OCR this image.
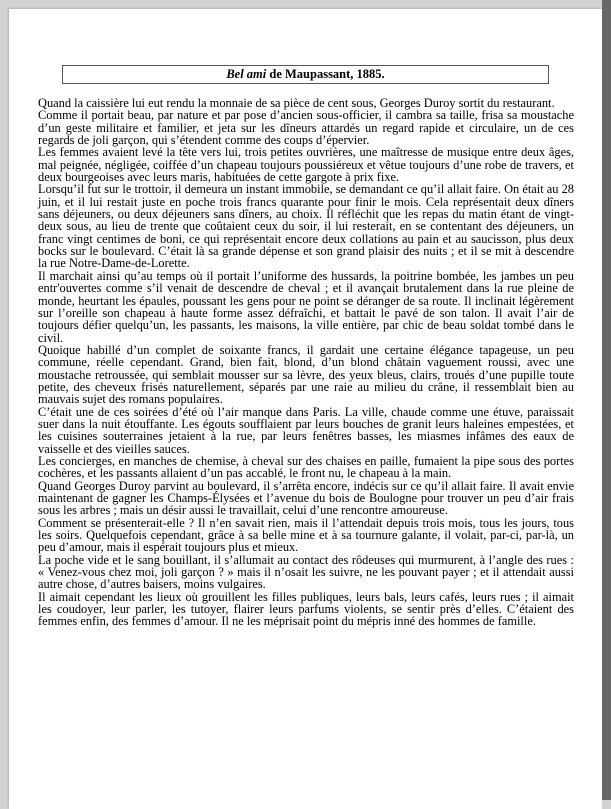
Bel ami de Maupassant, 1885.

Quand la caissière lui eut rendu la monnaie de sa pièce de cent sous, Georges Duroy sortit du restaurant.

Comme il portait beau, par nature et par pose d’ancien sous-officier, il cambra sa taille, frisa sa moustache d’un geste militaire et familier, et jeta sur les dîneurs attardés un regard rapide et circulaire, un de ces regards de joli garçon, qui s’étendent comme des coups d’épervier.

Les femmes avaient levé la tête vers lui, trois petites ouvrières, une maîtresse de musique entre deux âges, mal peignée, négligée, coiffée d’un chapeau toujours poussiéreux et vêtue toujours d’une robe de travers, et deux bourgeoises avec leurs maris, habituées de cette gargote à prix fixe.

Lorsqu’il fut sur le trottoir, il demeura un instant immobile, se demandant ce qu’il allait faire. On était au 28 juin, et il lui restait juste en poche trois francs quarante pour finir le mois. Cela représentait deux dîners sans déjeuners, ou deux déjeuners sans dîners, au choix. Il réfléchit que les repas du matin étant de vingt-deux sous, au lieu de trente que coûtaient ceux du soir, il lui resterait, en se contentant des déjeuners, un franc vingt centimes de boni, ce qui représentait encore deux collations au pain et au saucisson, plus deux bocks sur le boulevard. C’était là sa grande dépense et son grand plaisir des nuits ; et il se mit à descendre la rue Notre-Dame-de-Lorette.

Il marchait ainsi qu’au temps où il portait l’uniforme des hussards, la poitrine bombée, les jambes un peu entr'ouvertes comme s’il venait de descendre de cheval ; et il avançait brutalement dans la rue pleine de monde, heurtant les épaules, poussant les gens pour ne point se déranger de sa route. Il inclinait légèrement sur l’oreille son chapeau à haute forme assez défraîchi, et battait le pavé de son talon. Il avait l’air de toujours défier quelqu’un, les passants, les maisons, la ville entière, par chic de beau soldat tombé dans le civil.

Quoique habillé d’un complet de soixante francs, il gardait une certaine élégance tapageuse, un peu commune, réelle cependant. Grand, bien fait, blond, d’un blond châtain vaguement roussi, avec une moustache retroussée, qui semblait mousser sur sa lèvre, des yeux bleus, clairs, troués d’une pupille toute petite, des cheveux frisés naturellement, séparés par une raie au milieu du crâne, il ressemblait bien au mauvais sujet des romans populaires.

C’était une de ces soirées d’été où l’air manque dans Paris. La ville, chaude comme une étuve, paraissait suer dans la nuit étouffante. Les égouts soufflaient par leurs bouches de granit leurs haleines empestées, et les cuisines souterraines jetaient à la rue, par leurs fenêtres basses, les miasmes infâmes des eaux de vaisselle et des vieilles sauces.

Les concierges, en manches de chemise, à cheval sur des chaises en paille, fumaient la pipe sous des portes cochères, et les passants allaient d’un pas accablé, le front nu, le chapeau à la main.

Quand Georges Duroy parvint au boulevard, il s’arrêta encore, indécis sur ce qu’il allait faire. Il avait envie maintenant de gagner les Champs-Élysées et l’avenue du bois de Boulogne pour trouver un peu d’air frais sous les arbres ; mais un désir aussi le travaillait, celui d’une rencontre amoureuse.

Comment se présenterait-elle ? Il n’en savait rien, mais il l’attendait depuis trois mois, tous les jours, tous les soirs. Quelquefois cependant, grâce à sa belle mine et à sa tournure galante, il volait, par-ci, par-là, un peu d’amour, mais il espérait toujours plus et mieux.

La poche vide et le sang bouillant, il s’allumait au contact des rôdeuses qui murmurent, à l’angle des rues : « Venez-vous chez moi, joli garçon ? » mais il n’osait les suivre, ne les pouvant payer ; et il attendait aussi autre chose, d’autres baisers, moins vulgaires.

Il aimait cependant les lieux où grouillent les filles publiques, leurs bals, leurs cafés, leurs rues ; il aimait les coudoyer, leur parler, les tutoyer, flairer leurs parfums violents, se sentir près d’elles. C’étaient des femmes enfin, des femmes d’amour. Il ne les méprisait point du mépris inné des hommes de famille.
